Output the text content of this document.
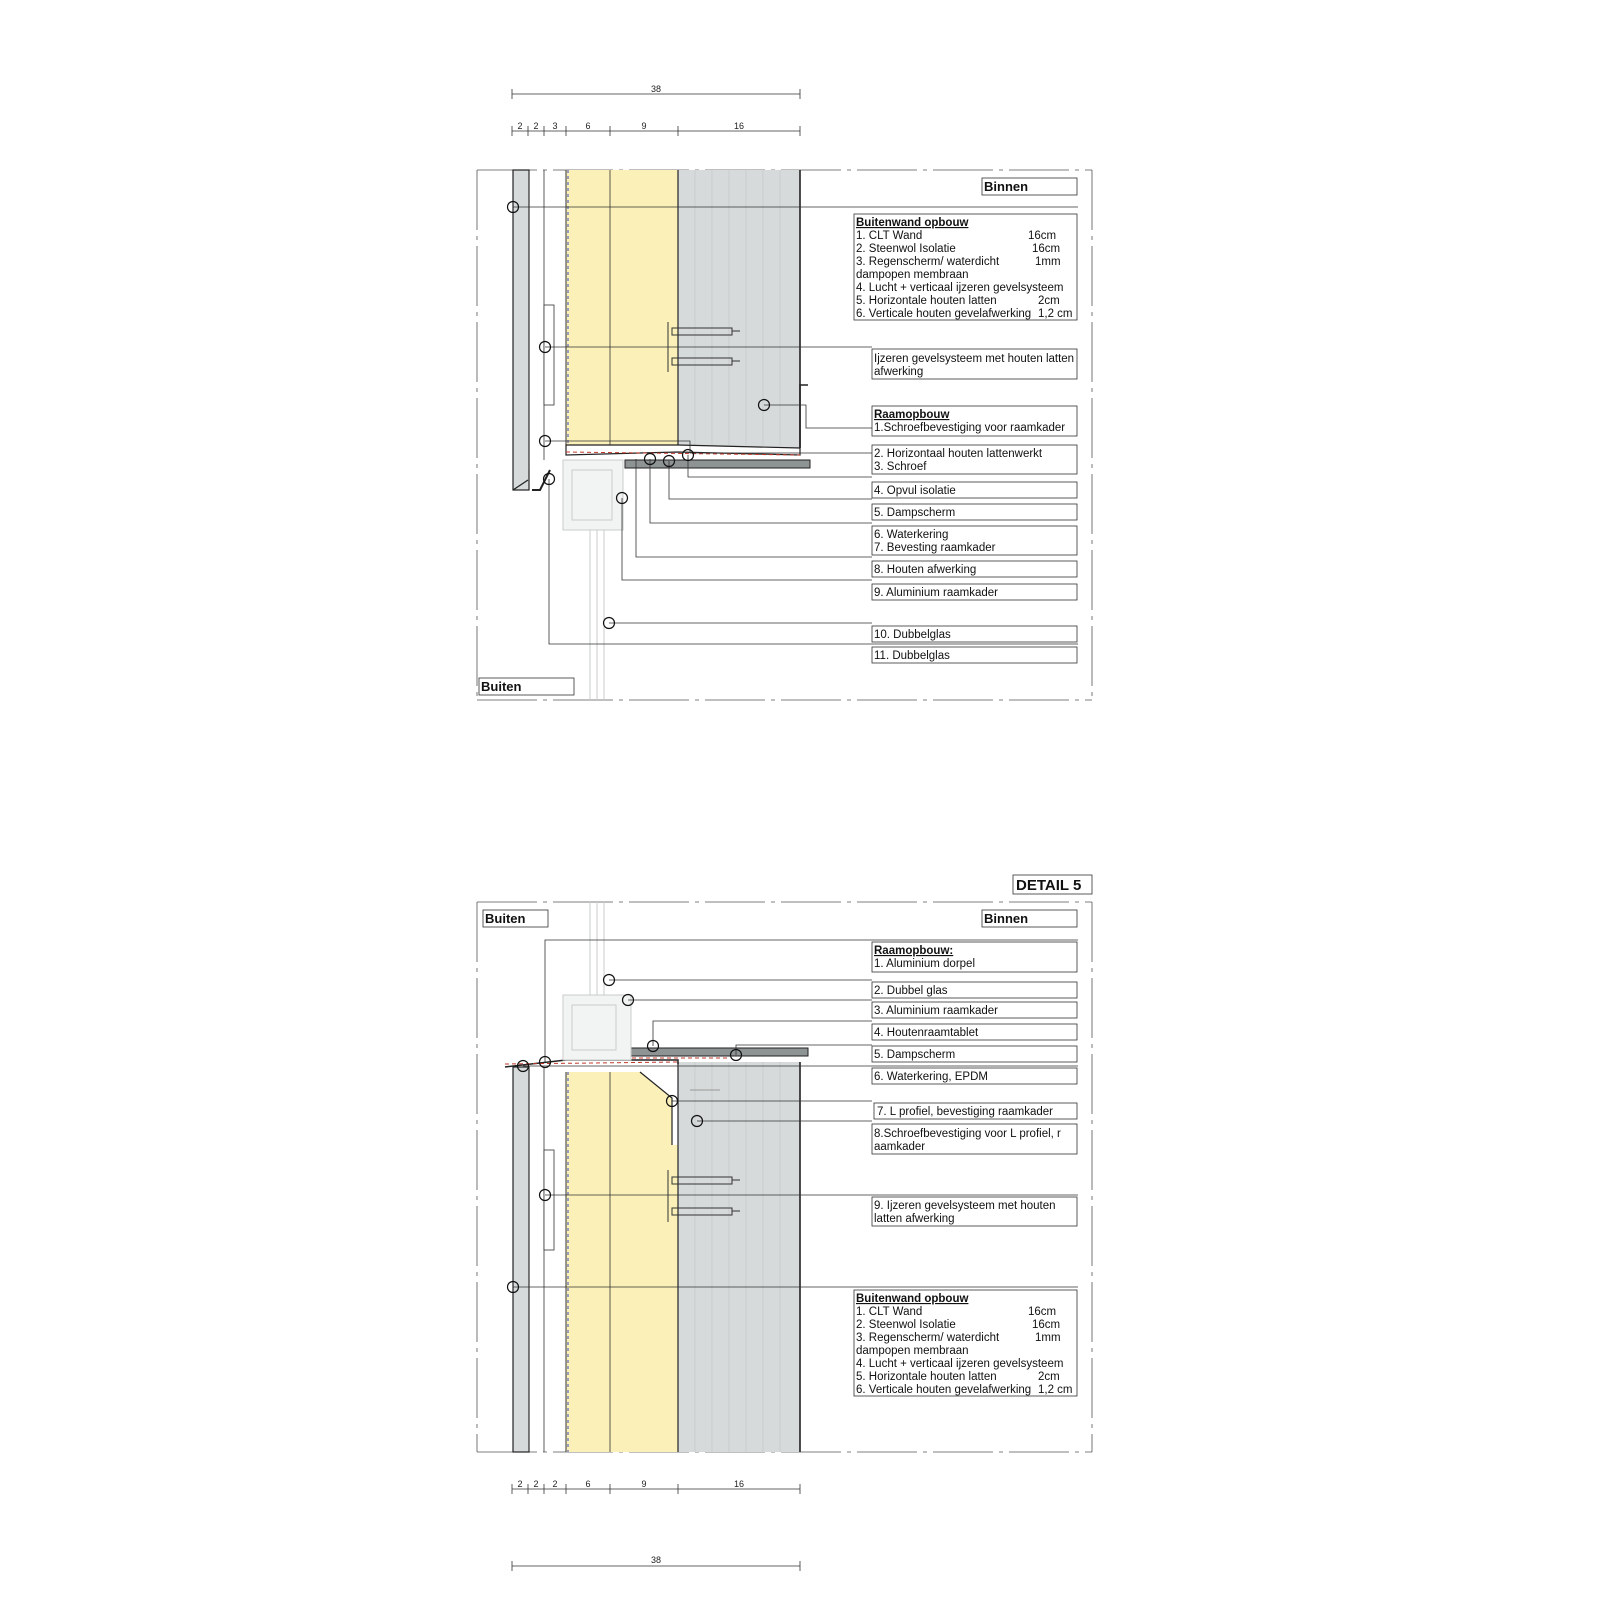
38
2 2 3	6	9	16
Binnen
Buiten
Buitenwand opbouw
1. CLT Wand	16cm
2. Steenwol Isolatie	16cm
3. Regenscherm/ waterdicht	1mm
dampopen membraan
4. Lucht + verticaal ijzeren gevelsysteem
5. Horizontale houten latten	2cm
6. Verticale houten gevelafwerking 1,2 cm
Ijzeren gevelsysteem met houten latten
afwerking
Raamopbouw
1.Schroefbevestiging voor raamkader
2. Horizontaal houten lattenwerkt
3. Schroef
4. Opvul isolatie
5. Dampscherm
6. Waterkering
7. Bevesting raamkader
8. Houten afwerking
9. Aluminium raamkader
10. Dubbelglas
11. Dubbelglas
DETAIL 5
Buiten	Binnen
Raamopbouw:
1. Aluminium dorpel
2. Dubbel glas
3. Aluminium raamkader
4. Houtenraamtablet
5. Dampscherm
6. Waterkering, EPDM
7. L profiel, bevestiging raamkader
8.Schroefbevestiging voor L profiel, r
aamkader
9. Ijzeren gevelsysteem met houten
latten afwerking
Buitenwand opbouw
1. CLT Wand	16cm
2. Steenwol Isolatie	16cm
3. Regenscherm/ waterdicht	1mm
dampopen membraan
4. Lucht + verticaal ijzeren gevelsysteem
5. Horizontale houten latten	2cm
6. Verticale houten gevelafwerking 1,2 cm
2 2 2	6	9	16
38
